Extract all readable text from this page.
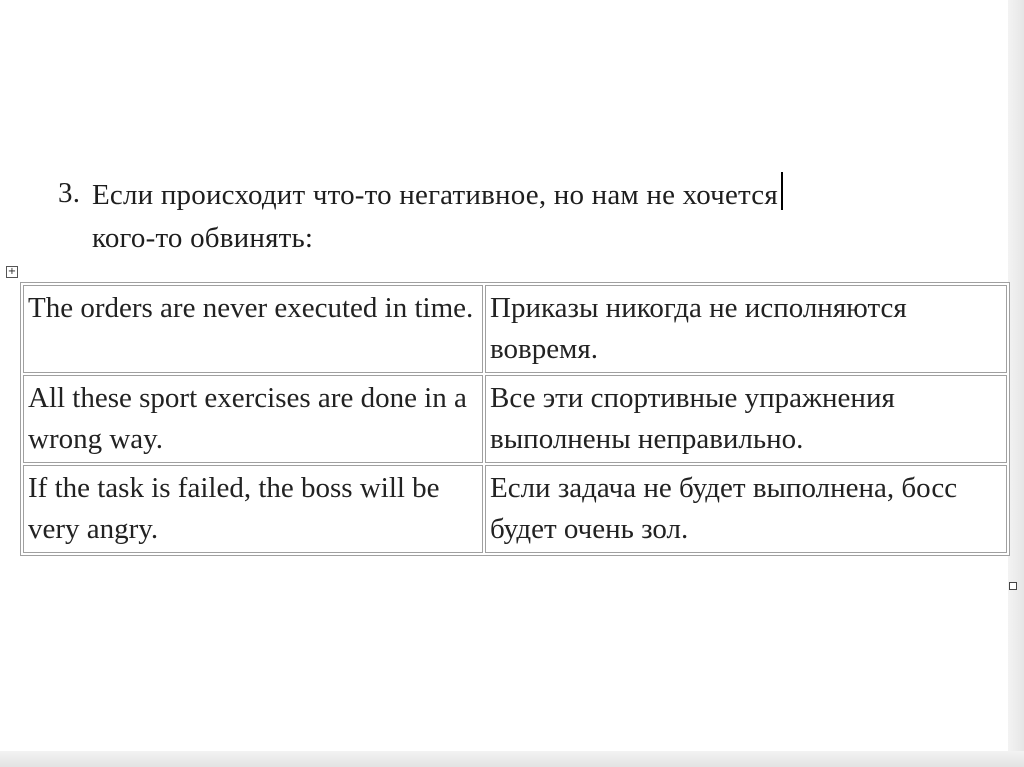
3. Если происходит что-то негативное, но нам не хочется
кого-то обвинять:
+
The orders are never executed in time.	Приказы никогда не исполняются вовремя.
All these sport exercises are done in a wrong way.	Все эти спортивные упражнения выполнены неправильно.
If the task is failed, the boss will be very angry.	Если задача не будет выполнена, босс будет очень зол.
